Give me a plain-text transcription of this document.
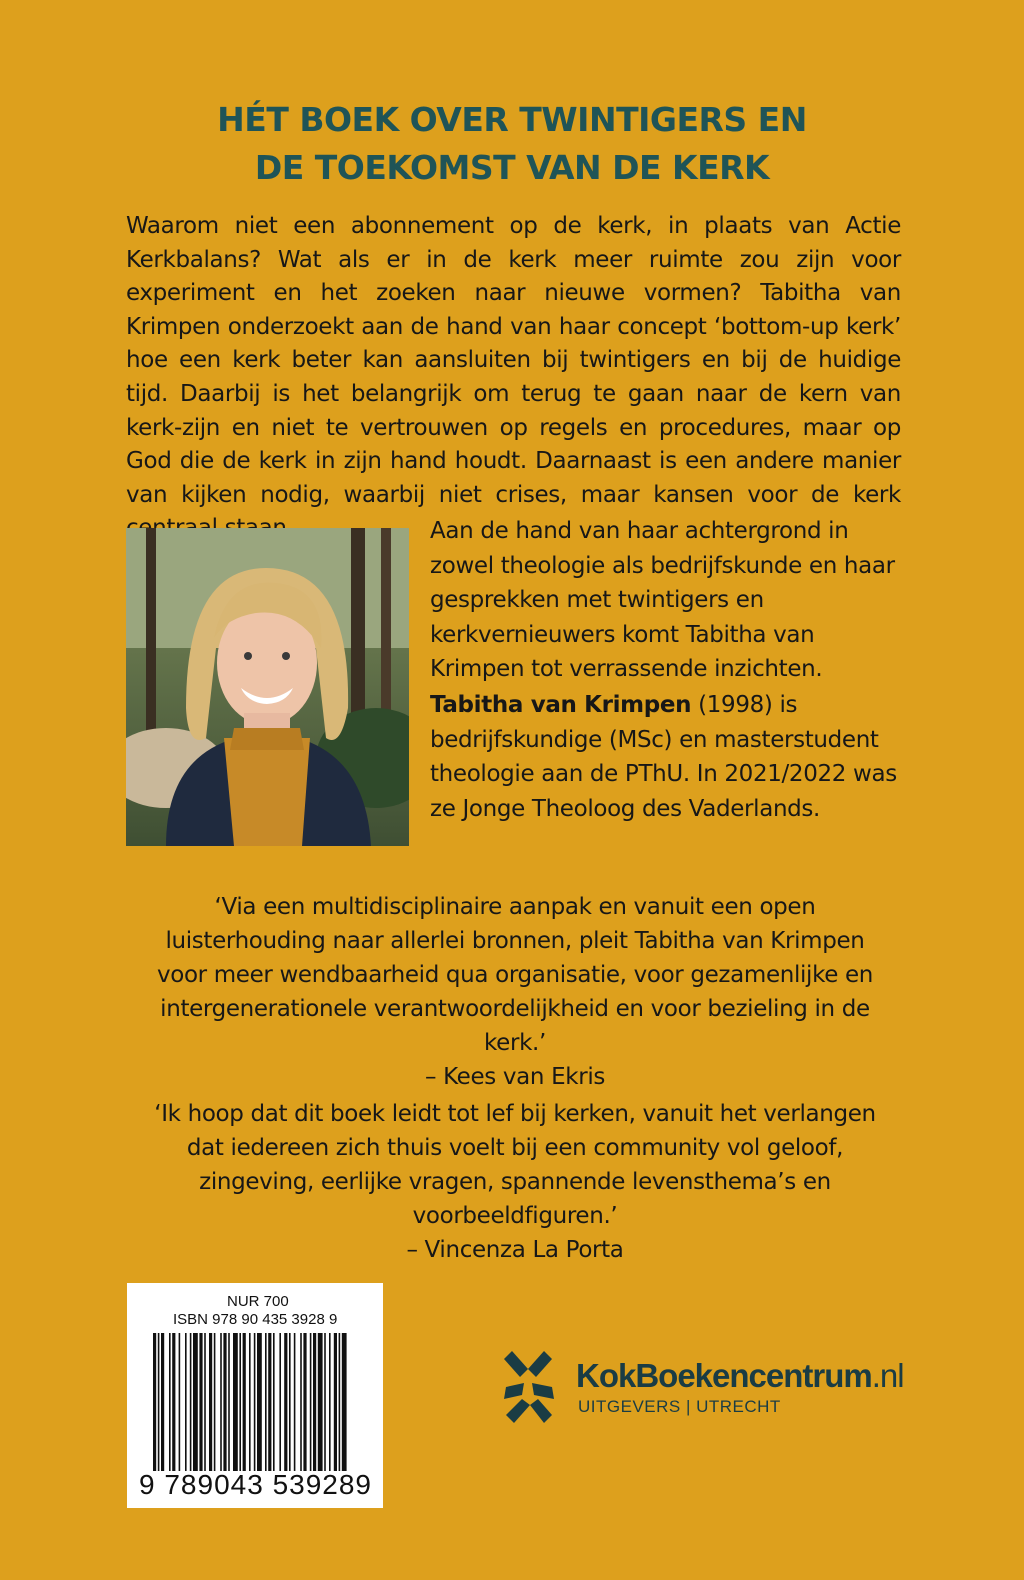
HÉT BOEK OVER TWINTIGERS EN
DE TOEKOMST VAN DE KERK
Waarom niet een abonnement op de kerk, in plaats van Actie Kerkbalans? Wat als er in de kerk meer ruimte zou zijn voor experiment en het zoeken naar nieuwe vormen? Tabitha van Krimpen onderzoekt aan de hand van haar concept ‘bottom-up kerk’ hoe een kerk beter kan aansluiten bij twintigers en bij de huidige tijd. Daarbij is het belangrijk om terug te gaan naar de kern van kerk-zijn en niet te vertrouwen op regels en procedures, maar op God die de kerk in zijn hand houdt. Daarnaast is een andere manier van kijken nodig, waarbij niet crises, maar kansen voor de kerk
Aan de hand van haar achtergrond in zowel theologie als bedrijfskunde en haar gesprekken met twintigers en kerkvernieuwers komt Tabitha van Krimpen tot verrassende inzichten.
Tabitha van Krimpen (1998) is bedrijfskundige (MSc) en masterstudent theologie aan de PThU. In 2021/2022 was ze Jonge Theoloog des Vaderlands.
‘Via een multidisciplinaire aanpak en vanuit een open luisterhouding naar allerlei bronnen, pleit Tabitha van Krimpen voor meer wendbaarheid qua organisatie, voor gezamenlijke en intergenerationele verantwoordelijkheid en voor bezieling in de kerk.’
– Kees van Ekris
‘Ik hoop dat dit boek leidt tot lef bij kerken, vanuit het verlangen dat iedereen zich thuis voelt bij een community vol geloof, zingeving, eerlijke vragen, spannende levensthema’s en voorbeeldfiguren.’
– Vincenza La Porta
NUR 700
ISBN 978 90 435 3928 9
9 789043 539289
KokBoekencentrum.nl
UITGEVERS | UTRECHT
